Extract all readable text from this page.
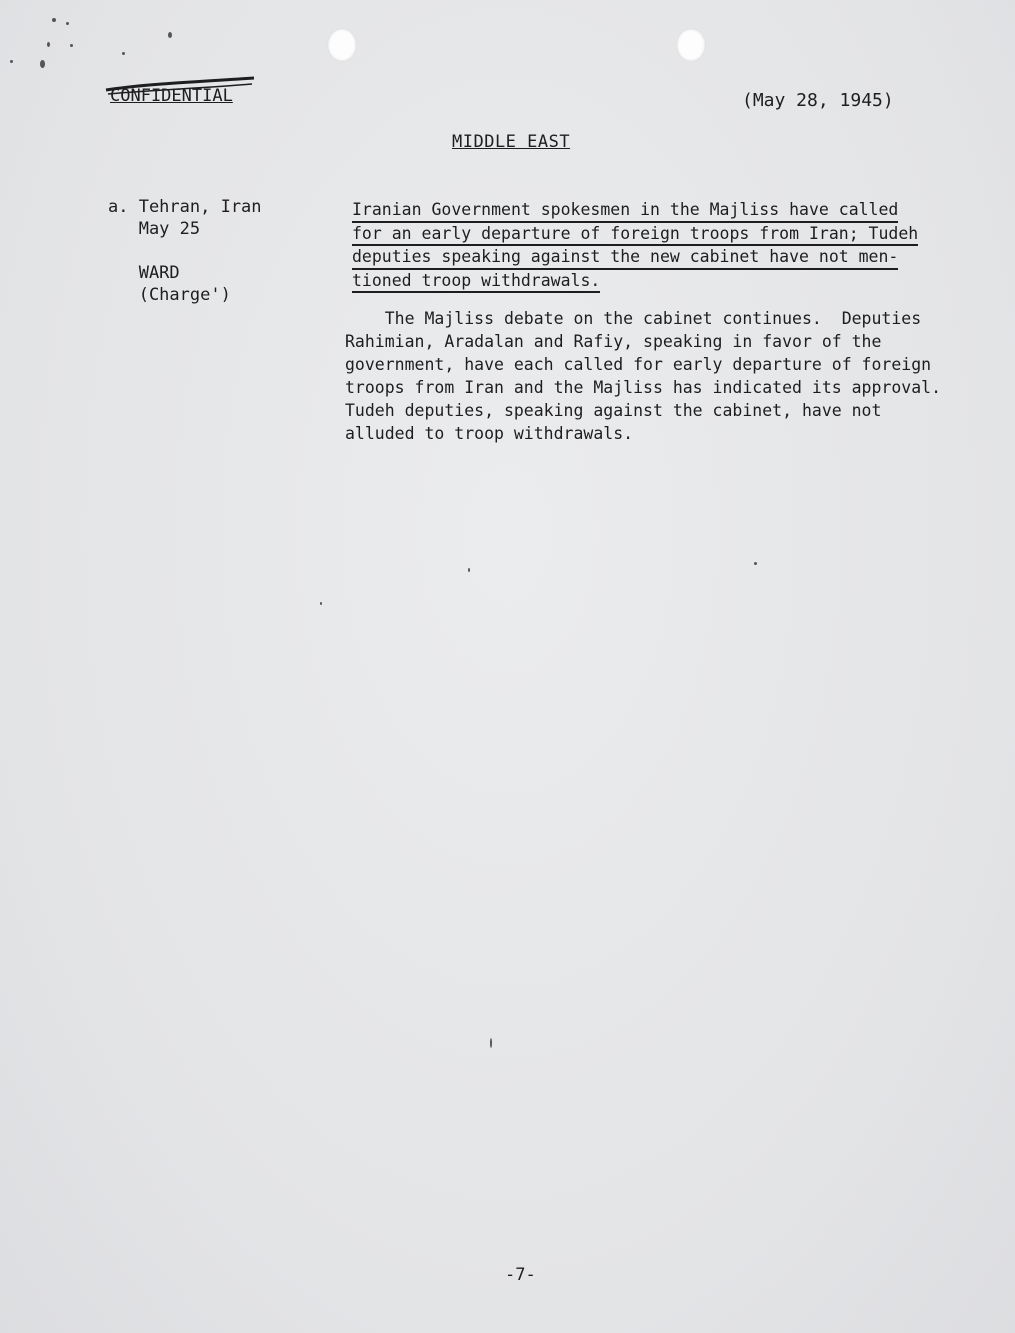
CONFIDENTIAL	(May 28, 1945)
MIDDLE EAST
a. Tehran, Iran
May 25
WARD
(Charge')
Iranian Government spokesmen in the Majliss have called
for an early departure of foreign troops from Iran; Tudeh
deputies speaking against the new cabinet have not men-
tioned troop withdrawals.
The Majliss debate on the cabinet continues.  Deputies
Rahimian, Aradalan and Rafiy, speaking in favor of the
government, have each called for early departure of foreign
troops from Iran and the Majliss has indicated its approval.
Tudeh deputies, speaking against the cabinet, have not
alluded to troop withdrawals.
-7-
